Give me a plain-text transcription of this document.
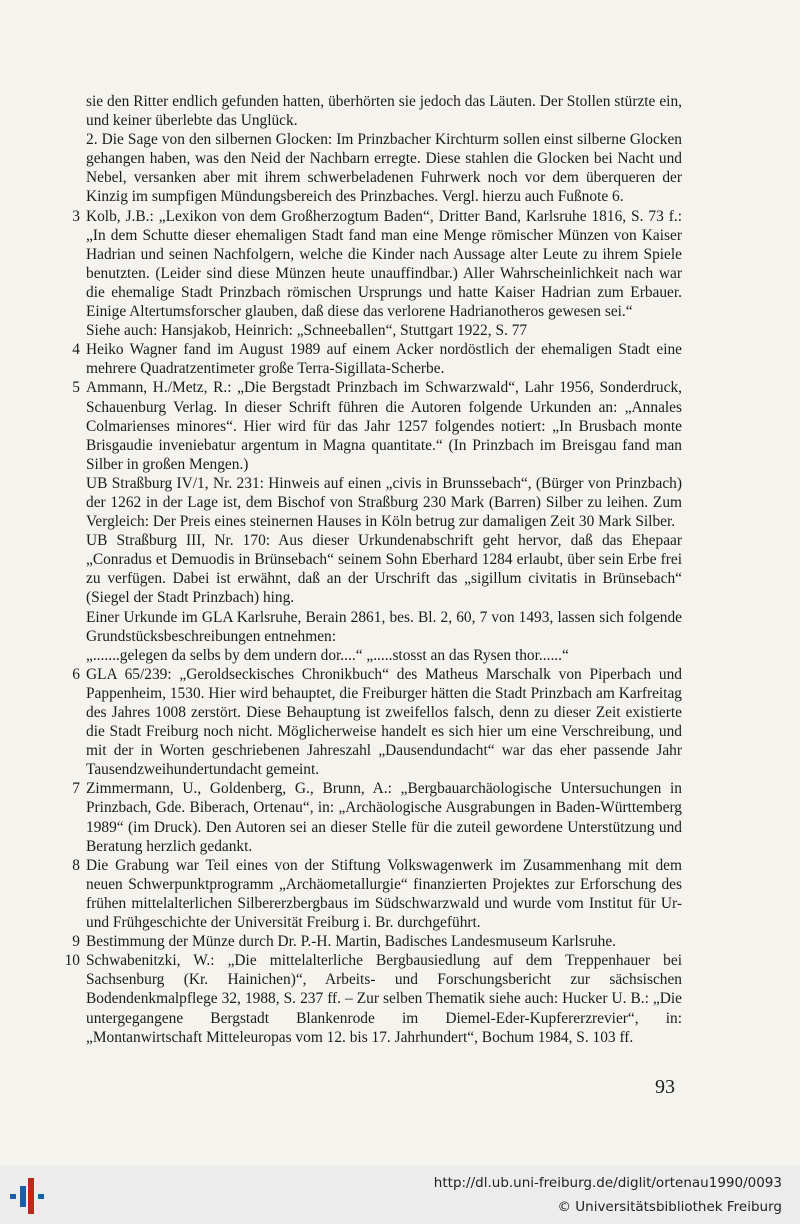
sie den Ritter endlich gefunden hatten, überhörten sie jedoch das Läuten. Der Stollen stürzte ein, und keiner überlebte das Unglück.

2. Die Sage von den silbernen Glocken: Im Prinzbacher Kirchturm sollen einst silberne Glocken gehangen haben, was den Neid der Nachbarn erregte. Diese stahlen die Glocken bei Nacht und Nebel, versanken aber mit ihrem schwerbeladenen Fuhrwerk noch vor dem überqueren der Kinzig im sumpfigen Mündungsbereich des Prinzbaches. Vergl. hierzu auch Fußnote 6.

3 Kolb, J.B.: „Lexikon von dem Großherzogtum Baden“, Dritter Band, Karlsruhe 1816, S. 73 f.: „In dem Schutte dieser ehemaligen Stadt fand man eine Menge römischer Münzen von Kaiser Hadrian und seinen Nachfolgern, welche die Kinder nach Aussage alter Leute zu ihrem Spiele benutzten. (Leider sind diese Münzen heute unauffindbar.) Aller Wahrscheinlichkeit nach war die ehemalige Stadt Prinzbach römischen Ursprungs und hatte Kaiser Hadrian zum Erbauer. Einige Altertumsforscher glauben, daß diese das verlorene Hadrianotheros gewesen sei.“

Siehe auch: Hansjakob, Heinrich: „Schneeballen“, Stuttgart 1922, S. 77

4 Heiko Wagner fand im August 1989 auf einem Acker nordöstlich der ehemaligen Stadt eine mehrere Quadratzentimeter große Terra-Sigillata-Scherbe.

5 Ammann, H./Metz, R.: „Die Bergstadt Prinzbach im Schwarzwald“, Lahr 1956, Sonderdruck, Schauenburg Verlag. In dieser Schrift führen die Autoren folgende Urkunden an: „Annales Colmarienses minores“. Hier wird für das Jahr 1257 folgendes notiert: „In Brusbach monte Brisgaudie inveniebatur argentum in Magna quantitate.“ (In Prinzbach im Breisgau fand man Silber in großen Mengen.)

UB Straßburg IV/1, Nr. 231: Hinweis auf einen „civis in Brunssebach“, (Bürger von Prinzbach) der 1262 in der Lage ist, dem Bischof von Straßburg 230 Mark (Barren) Silber zu leihen. Zum Vergleich: Der Preis eines steinernen Hauses in Köln betrug zur damaligen Zeit 30 Mark Silber.

UB Straßburg III, Nr. 170: Aus dieser Urkundenabschrift geht hervor, daß das Ehepaar „Conradus et Demuodis in Brünsebach“ seinem Sohn Eberhard 1284 erlaubt, über sein Erbe frei zu verfügen. Dabei ist erwähnt, daß an der Urschrift das „sigillum civitatis in Brünsebach“ (Siegel der Stadt Prinzbach) hing.

Einer Urkunde im GLA Karlsruhe, Berain 2861, bes. Bl. 2, 60, 7 von 1493, lassen sich folgende Grundstücksbeschreibungen entnehmen:

„.......gelegen da selbs by dem undern dor....“ „.....stosst an das Rysen thor......“

6 GLA 65/239: „Geroldseckisches Chronikbuch“ des Matheus Marschalk von Piperbach und Pappenheim, 1530. Hier wird behauptet, die Freiburger hätten die Stadt Prinzbach am Karfreitag des Jahres 1008 zerstört. Diese Behauptung ist zweifellos falsch, denn zu dieser Zeit existierte die Stadt Freiburg noch nicht. Möglicherweise handelt es sich hier um eine Verschreibung, und mit der in Worten geschriebenen Jahreszahl „Dausendundacht“ war das eher passende Jahr Tausendzweihundertundacht gemeint.

7 Zimmermann, U., Goldenberg, G., Brunn, A.: „Bergbauarchäologische Untersuchungen in Prinzbach, Gde. Biberach, Ortenau“, in: „Archäologische Ausgrabungen in Baden-Württemberg 1989“ (im Druck). Den Autoren sei an dieser Stelle für die zuteil gewordene Unterstützung und Beratung herzlich gedankt.

8 Die Grabung war Teil eines von der Stiftung Volkswagenwerk im Zusammenhang mit dem neuen Schwerpunktprogramm „Archäometallurgie“ finanzierten Projektes zur Erforschung des frühen mittelalterlichen Silbererzbergbaus im Südschwarzwald und wurde vom Institut für Ur- und Frühgeschichte der Universität Freiburg i. Br. durchgeführt.

9 Bestimmung der Münze durch Dr. P.-H. Martin, Badisches Landesmuseum Karlsruhe.

10 Schwabenitzki, W.: „Die mittelalterliche Bergbausiedlung auf dem Treppenhauer bei Sachsenburg (Kr. Hainichen)“, Arbeits- und Forschungsbericht zur sächsischen Bodendenkmalpflege 32, 1988, S. 237 ff. – Zur selben Thematik siehe auch: Hucker U. B.: „Die untergegangene Bergstadt Blankenrode im Diemel-Eder-Kupfererzrevier“, in: „Montanwirtschaft Mitteleuropas vom 12. bis 17. Jahrhundert“, Bochum 1984, S. 103 ff.

93
http://dl.ub.uni-freiburg.de/diglit/ortenau1990/0093
© Universitätsbibliothek Freiburg
